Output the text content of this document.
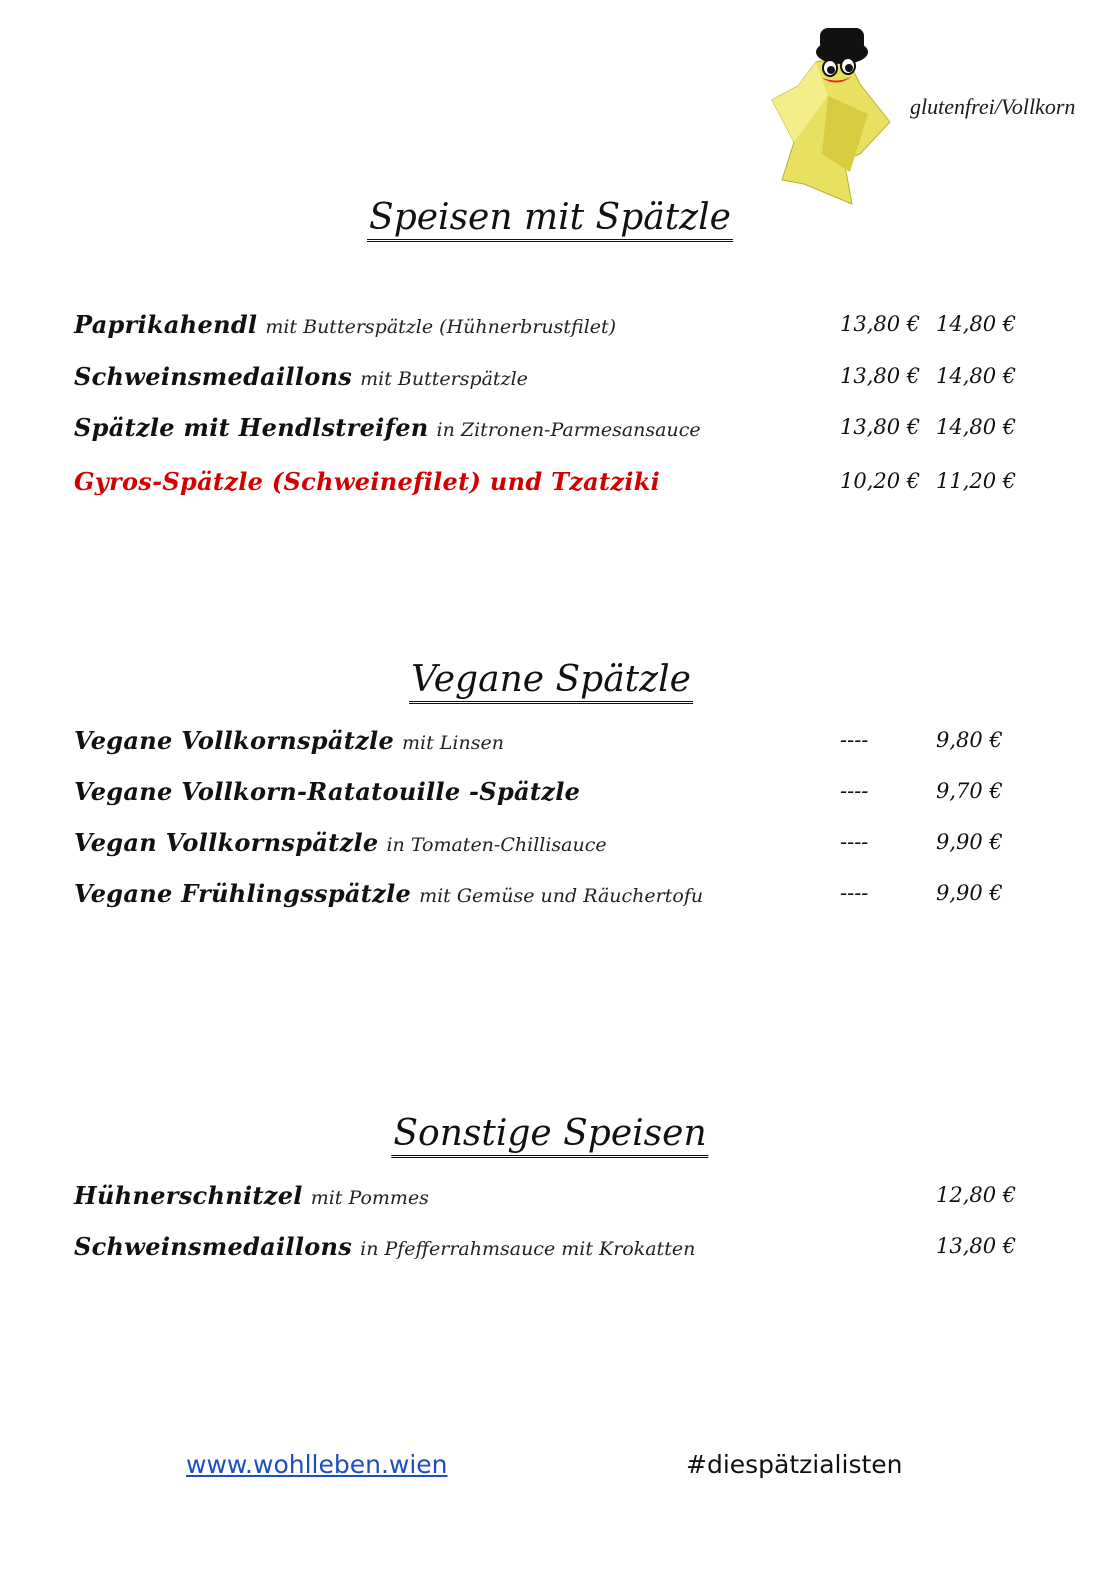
glutenfrei/Vollkorn
Speisen mit Spätzle
Paprikahendl mit Butterspätzle (Hühnerbrustfilet)	13,80 € 14,80 €
Schweinsmedaillons mit Butterspätzle	13,80 € 14,80 €
Spätzle mit Hendlstreifen in Zitronen-Parmesansauce	13,80 € 14,80 €
Gyros-Spätzle (Schweinefilet) und Tzatziki	10,20 € 11,20 €
Vegane Spätzle
Vegane Vollkornspätzle mit Linsen	----	9,80 €
Vegane Vollkorn-Ratatouille -Spätzle	----	9,70 €
Vegan Vollkornspätzle in Tomaten-Chillisauce	----	9,90 €
Vegane Frühlingsspätzle mit Gemüse und Räuchertofu	----	9,90 €
Sonstige Speisen
Hühnerschnitzel mit Pommes	12,80 €
Schweinsmedaillons in Pfefferrahmsauce mit Krokatten	13,80 €
www.wohlleben.wien	#diespätzialisten
